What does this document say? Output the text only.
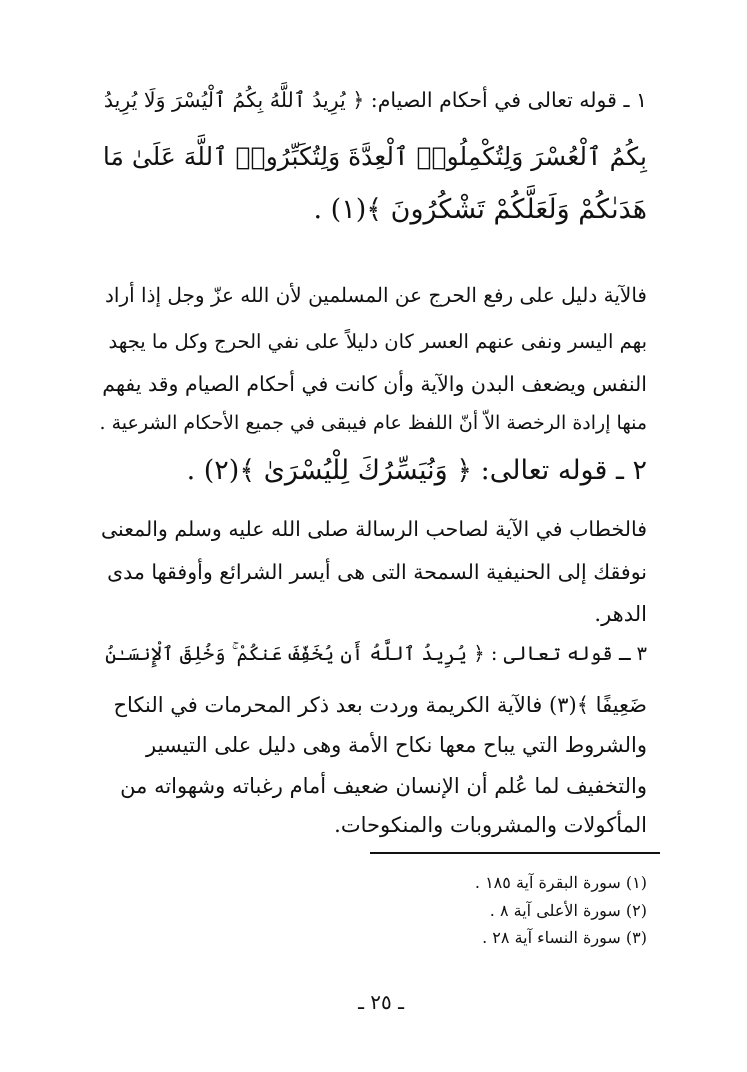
١ ـ قوله تعالى في أحكام الصيام: ﴿ يُرِيدُ ٱللَّهُ بِكُمُ ٱلْيُسْرَ وَلَا يُرِيدُ
بِكُمُ ٱلْعُسْرَ وَلِتُكْمِلُوا۟ ٱلْعِدَّةَ وَلِتُكَبِّرُوا۟ ٱللَّهَ عَلَىٰ مَا
هَدَىٰكُمْ وَلَعَلَّكُمْ تَشْكُرُونَ ﴾(١) .
فالآية دليل على رفع الحرج عن المسلمين لأن الله عزّ وجل إذا أراد
بهم اليسر ونفى عنهم العسر كان دليلاً على نفي الحرج وكل ما يجهد
النفس ويضعف البدن والآية وأن كانت في أحكام الصيام وقد يفهم
منها إرادة الرخصة الاّ أنّ اللفظ عام فيبقى في جميع الأحكام الشرعية .
٢ ـ قوله تعالى: ﴿ وَنُيَسِّرُكَ لِلْيُسْرَىٰ ﴾(٢) .
فالخطاب في الآية لصاحب الرسالة صلى الله عليه وسلم والمعنى
نوفقك إلى الحنيفية السمحة التى هى أيسر الشرائع وأوفقها مدى
الدهر.
٣ ـ قوله تعالى : ﴿ يُرِيدُ ٱللَّهُ أَن يُخَفِّفَ عَنكُمْ ۚ وَخُلِقَ ٱلْإِنسَـٰنُ
ضَعِيفًا ﴾(٣) فالآية الكريمة وردت بعد ذكر المحرمات في النكاح
والشروط التي يباح معها نكاح الأمة وهى دليل على التيسير
والتخفيف لما عُلم أن الإنسان ضعيف أمام رغباته وشهواته من
المأكولات والمشروبات والمنكوحات.
(١) سورة البقرة آية ١٨٥ .
(٢) سورة الأعلى آية ٨ .
(٣) سورة النساء آية ٢٨ .
ـ ٢٥ ـ
